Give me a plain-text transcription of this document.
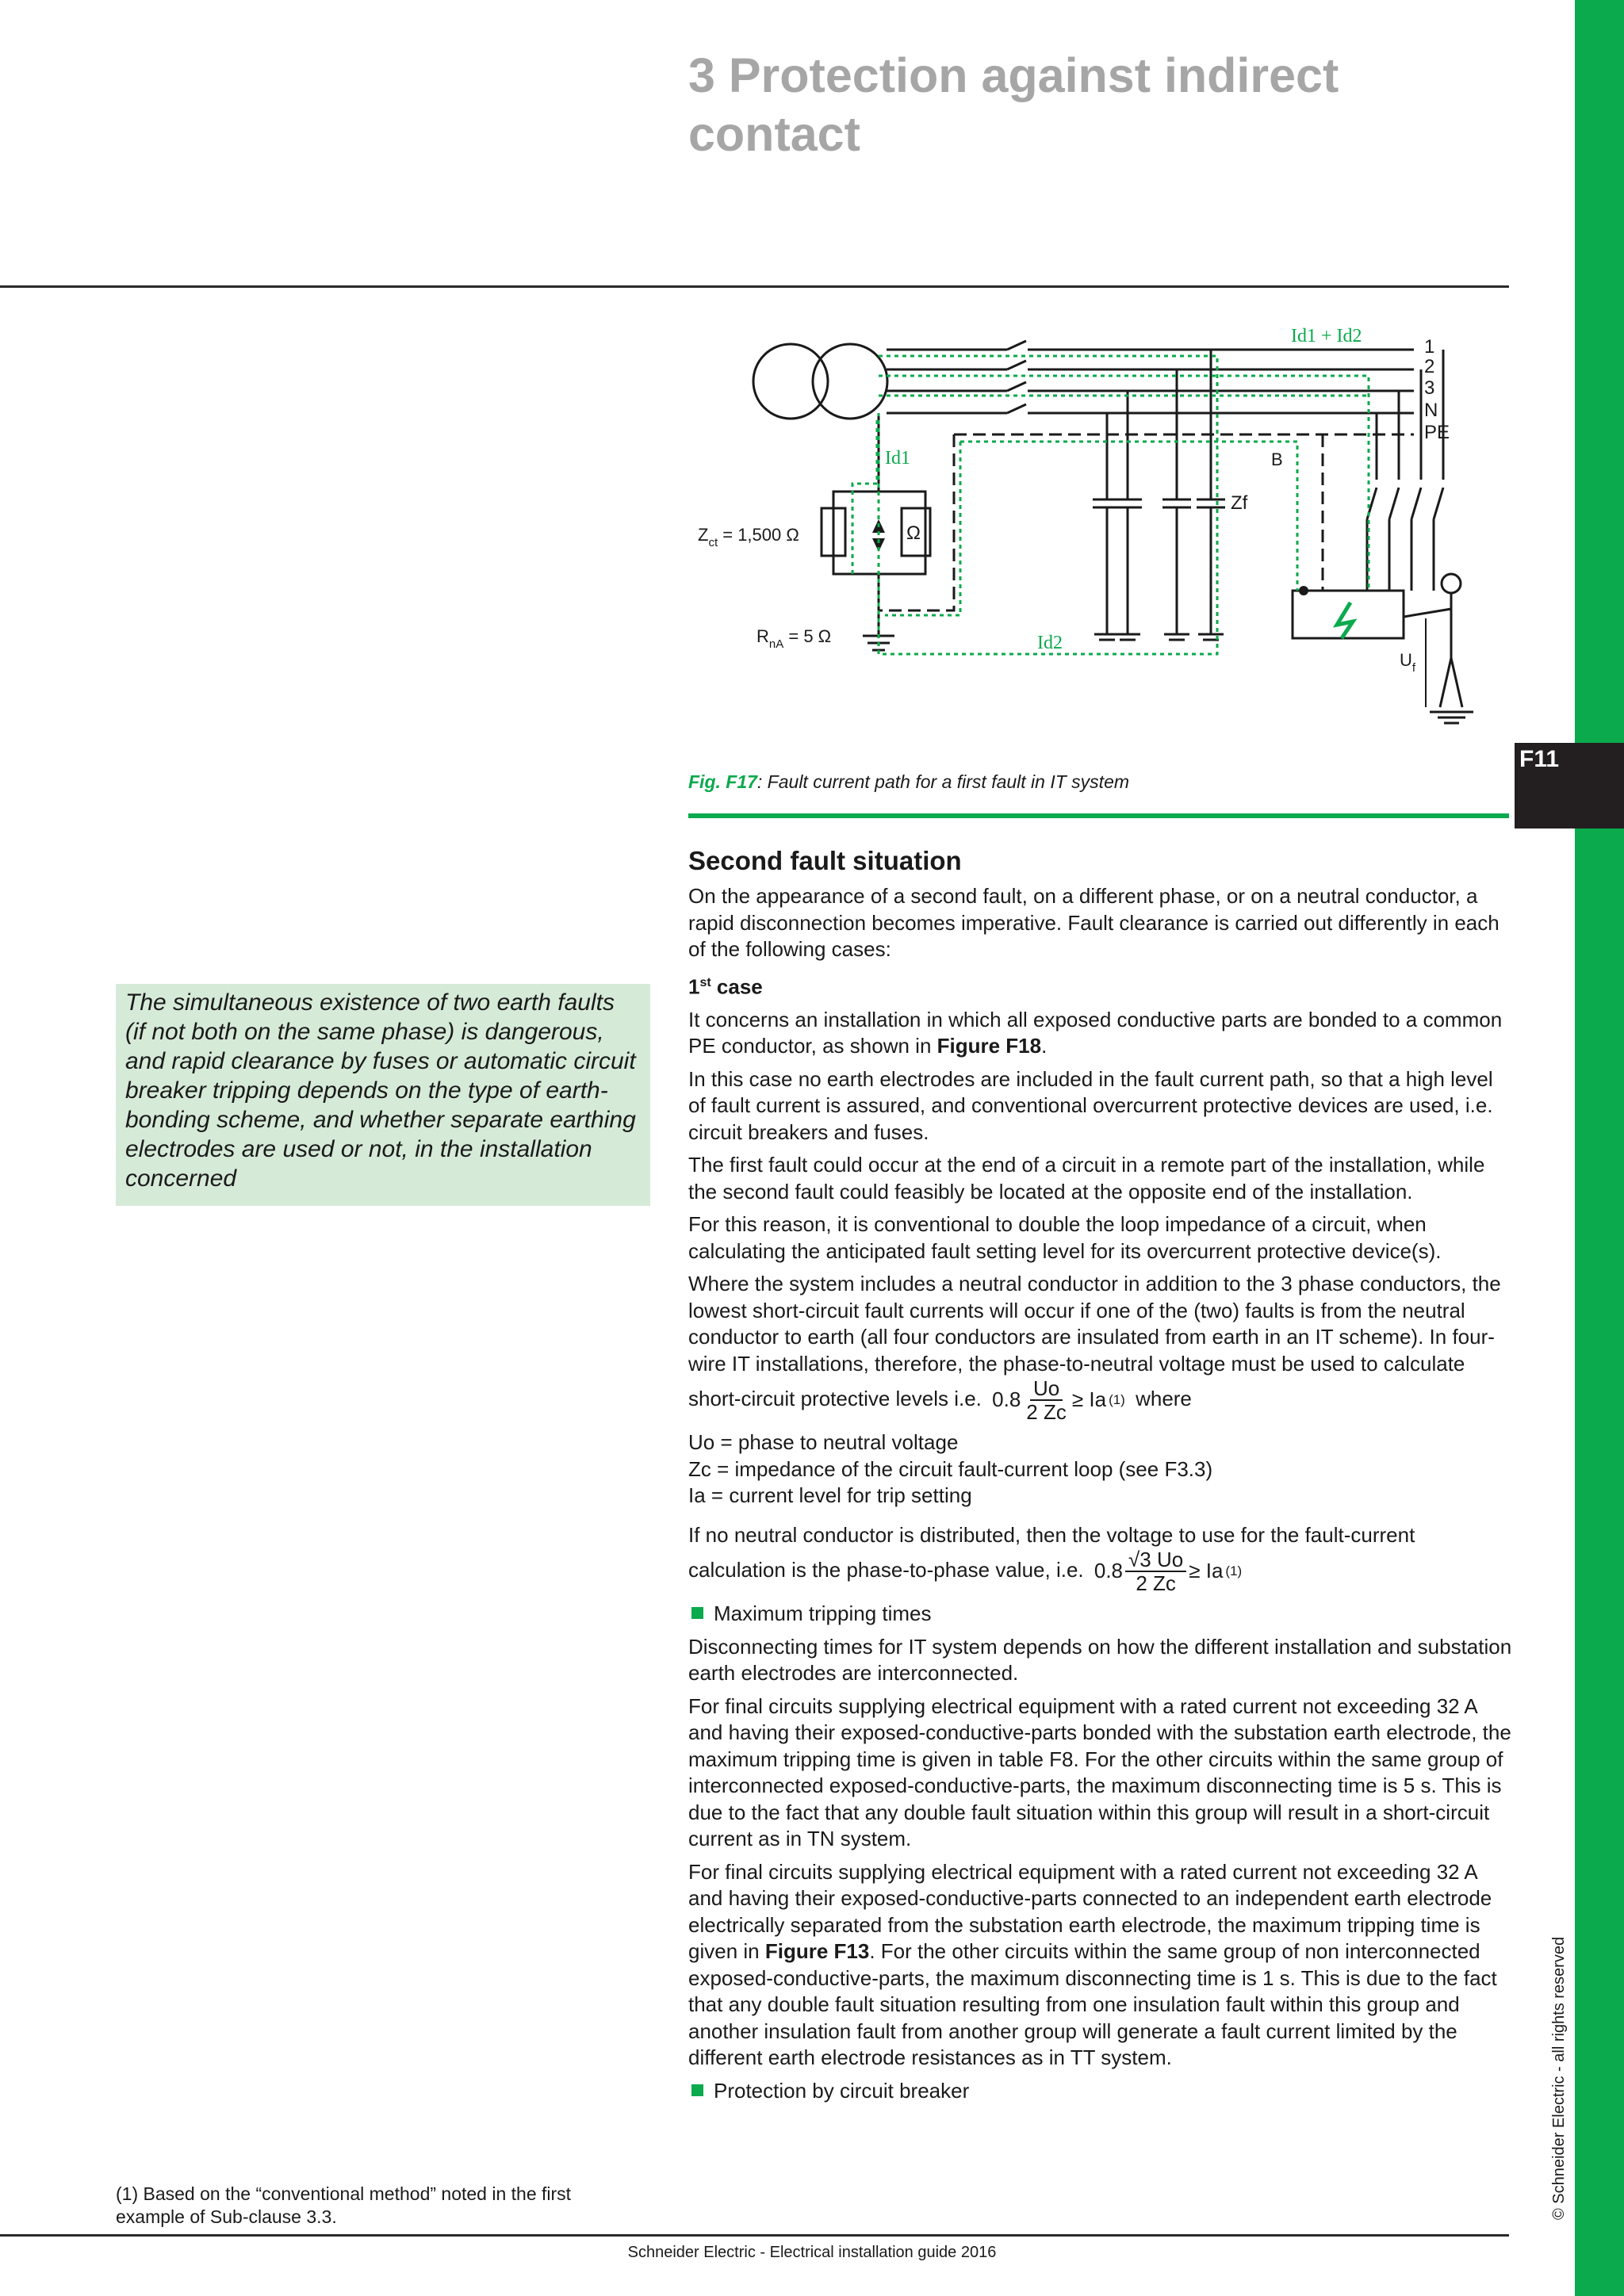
F11
© Schneider Electric - all rights reserved
3 Protection against indirect contact
Id1 + Id2	1
2
3
N
PE
Id1
Id2
B
Zf
Ω
$Z_{ct} = 1,500$ Ω
$R_{nA} = 5$ Ω
$U_f$
Fig. F17: Fault current path for a first fault in IT system
The simultaneous existence of two earth faults (if not both on the same phase) is dangerous, and rapid clearance by fuses or automatic circuit breaker tripping depends on the type of earth-bonding scheme, and whether separate earthing electrodes are used or not, in the installation concerned
Second fault situation

On the appearance of a second fault, on a different phase, or on a neutral conductor, a rapid disconnection becomes imperative. Fault clearance is carried out differently in each of the following cases:

1st case

It concerns an installation in which all exposed conductive parts are bonded to a common PE conductor, as shown in Figure F18.

In this case no earth electrodes are included in the fault current path, so that a high level of fault current is assured, and conventional overcurrent protective devices are used, i.e. circuit breakers and fuses.

The first fault could occur at the end of a circuit in a remote part of the installation, while the second fault could feasibly be located at the opposite end of the installation.

For this reason, it is conventional to double the loop impedance of a circuit, when calculating the anticipated fault setting level for its overcurrent protective device(s).

Where the system includes a neutral conductor in addition to the 3 phase conductors, the lowest short-circuit fault currents will occur if one of the (two) faults is from the neutral conductor to earth (all four conductors are insulated from earth in an IT scheme). In four-wire IT installations, therefore, the phase-to-neutral voltage must be used to calculate short-circuit protective levels i.e. $0.8 \frac{Uo}{2 Zc} \ge Ia$ (1) where

Uo = phase to neutral voltage

Zc = impedance of the circuit fault-current loop (see F3.3)

Ia = current level for trip setting

If no neutral conductor is distributed, then the voltage to use for the fault-current calculation is the phase-to-phase value, i.e. $0.8 \frac{√3 Uo}{2 Zc} \ge Ia$ (1)

Maximum tripping times

Disconnecting times for IT system depends on how the different installation and substation earth electrodes are interconnected.

For final circuits supplying electrical equipment with a rated current not exceeding 32 A and having their exposed-conductive-parts bonded with the substation earth electrode, the maximum tripping time is given in table F8. For the other circuits within the same group of interconnected exposed-conductive-parts, the maximum disconnecting time is 5 s. This is due to the fact that any double fault situation within this group will result in a short-circuit current as in TN system.

For final circuits supplying electrical equipment with a rated current not exceeding 32 A and having their exposed-conductive-parts connected to an independent earth electrode electrically separated from the substation earth electrode, the maximum tripping time is given in Figure F13. For the other circuits within the same group of non interconnected exposed-conductive-parts, the maximum disconnecting time is 1 s. This is due to the fact that any double fault situation resulting from one insulation fault within this group and another insulation fault from another group will generate a fault current limited by the different earth electrode resistances as in TT system.

Protection by circuit breaker

(1) Based on the “conventional method” noted in the first example of Sub-clause 3.3.
Schneider Electric - Electrical installation guide 2016
